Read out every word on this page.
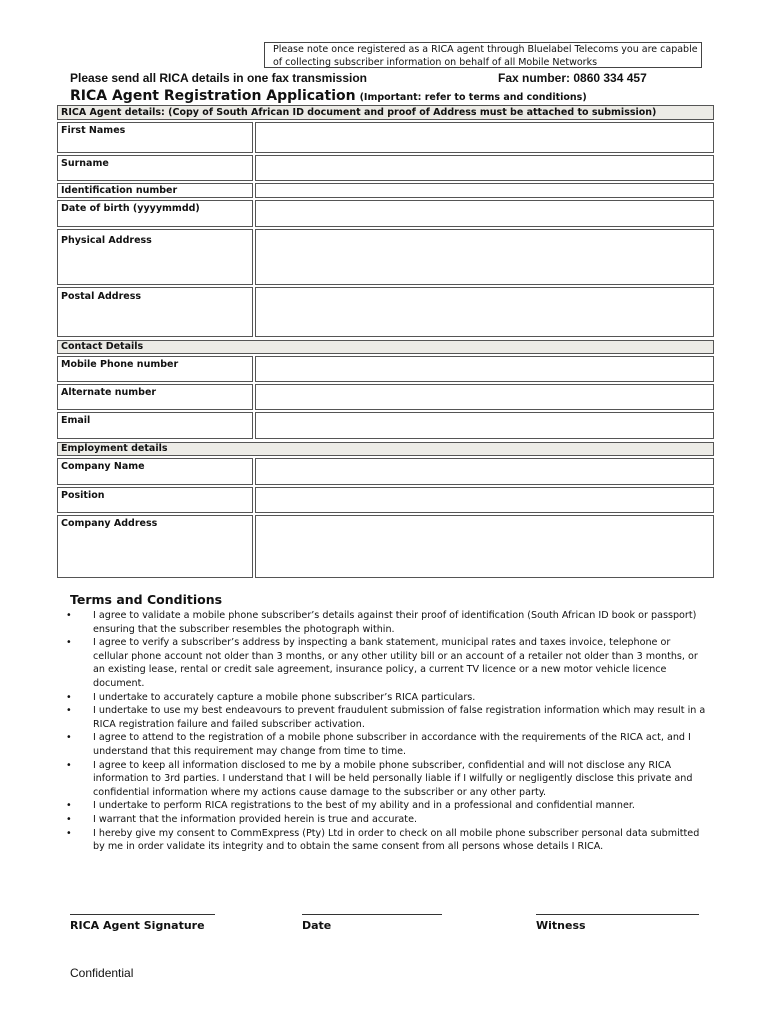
Please note once registered as a RICA agent through Bluelabel Telecoms you are capable of collecting subscriber information on behalf of all Mobile Networks
Please send all RICA details in one fax transmission	Fax number: 0860 334 457
RICA Agent Registration Application (Important: refer to terms and conditions)
RICA Agent details: (Copy of South African ID document and proof of Address must be attached to submission)
First Names
Surname
Identification number
Date of birth (yyyymmdd)
Physical Address
Postal Address
Contact Details
Mobile Phone number
Alternate number
Email
Employment details
Company Name
Position
Company Address
Terms and Conditions
• I agree to validate a mobile phone subscriber’s details against their proof of identification (South African ID book or passport) ensuring that the subscriber resembles the photograph within.
• I agree to verify a subscriber’s address by inspecting a bank statement, municipal rates and taxes invoice, telephone or cellular phone account not older than 3 months, or any other utility bill or an account of a retailer not older than 3 months, or an existing lease, rental or credit sale agreement, insurance policy, a current TV licence or a new motor vehicle licence document.
• I undertake to accurately capture a mobile phone subscriber’s RICA particulars.
• I undertake to use my best endeavours to prevent fraudulent submission of false registration information which may result in a RICA registration failure and failed subscriber activation.
• I agree to attend to the registration of a mobile phone subscriber in accordance with the requirements of the RICA act, and I understand that this requirement may change from time to time.
• I agree to keep all information disclosed to me by a mobile phone subscriber, confidential and will not disclose any RICA information to 3rd parties. I understand that I will be held personally liable if I wilfully or negligently disclose this private and confidential information where my actions cause damage to the subscriber or any other party.
• I undertake to perform RICA registrations to the best of my ability and in a professional and confidential manner.
• I warrant that the information provided herein is true and accurate.
• I hereby give my consent to CommExpress (Pty) Ltd in order to check on all mobile phone subscriber personal data submitted by me in order validate its integrity and to obtain the same consent from all persons whose details I RICA.
RICA Agent Signature	Date	Witness
Confidential
